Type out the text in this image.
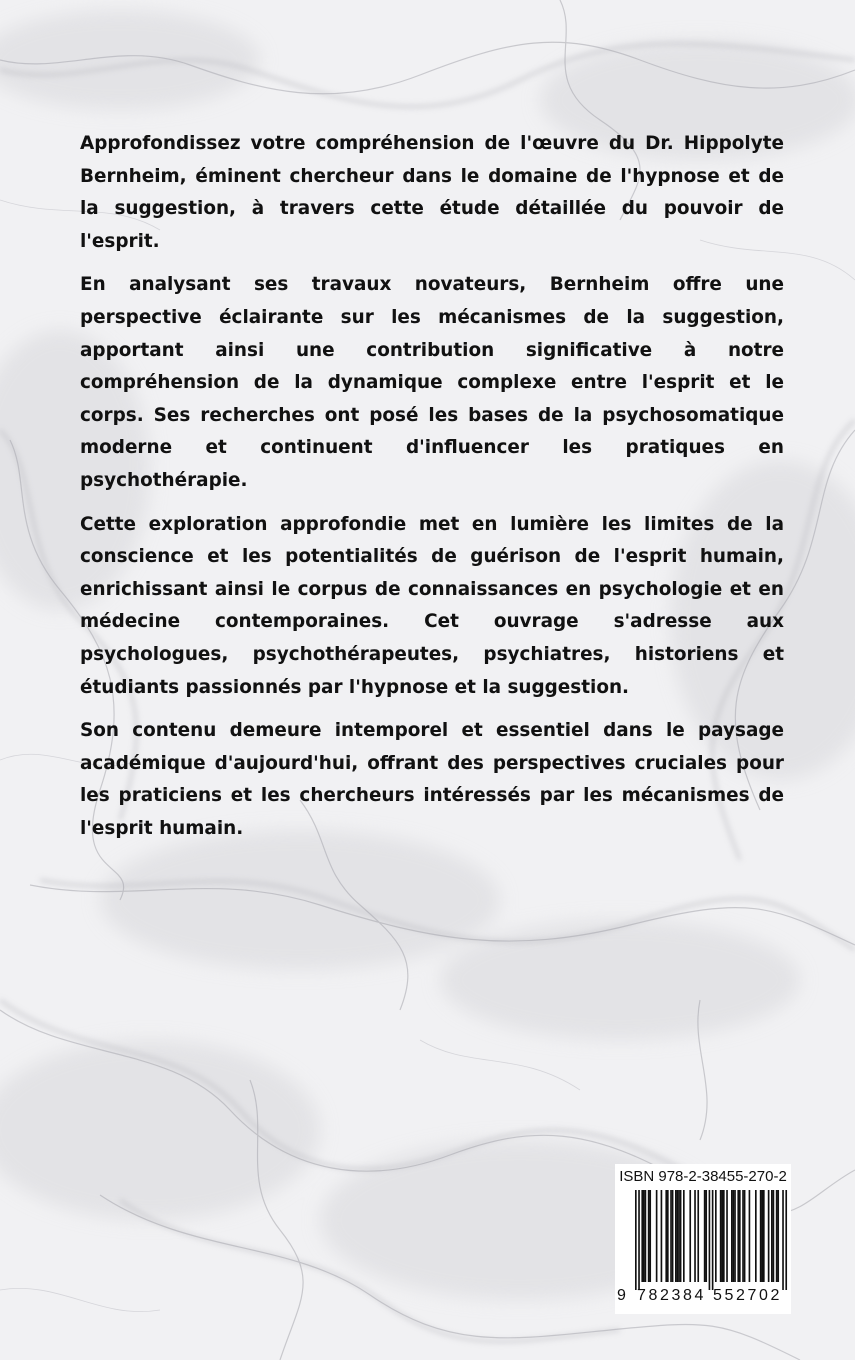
Approfondissez votre compréhension de l'œuvre du Dr. Hippolyte Bernheim, éminent chercheur dans le domaine de l'hypnose et de la suggestion, à travers cette étude détaillée du pouvoir de l'esprit.

En analysant ses travaux novateurs, Bernheim offre une perspective éclairante sur les mécanismes de la suggestion, apportant ainsi une contribution significative à notre compréhension de la dynamique complexe entre l'esprit et le corps. Ses recherches ont posé les bases de la psychosomatique moderne et continuent d'influencer les pratiques en psychothérapie.

Cette exploration approfondie met en lumière les limites de la conscience et les potentialités de guérison de l'esprit humain, enrichissant ainsi le corpus de connaissances en psychologie et en médecine contemporaines. Cet ouvrage s'adresse aux psychologues, psychothérapeutes, psychiatres, historiens et étudiants passionnés par l'hypnose et la suggestion.

Son contenu demeure intemporel et essentiel dans le paysage académique d'aujourd'hui, offrant des perspectives cruciales pour les praticiens et les chercheurs intéressés par les mécanismes de l'esprit humain.

ISBN 978-2-38455-270-2
9 782384 552702
